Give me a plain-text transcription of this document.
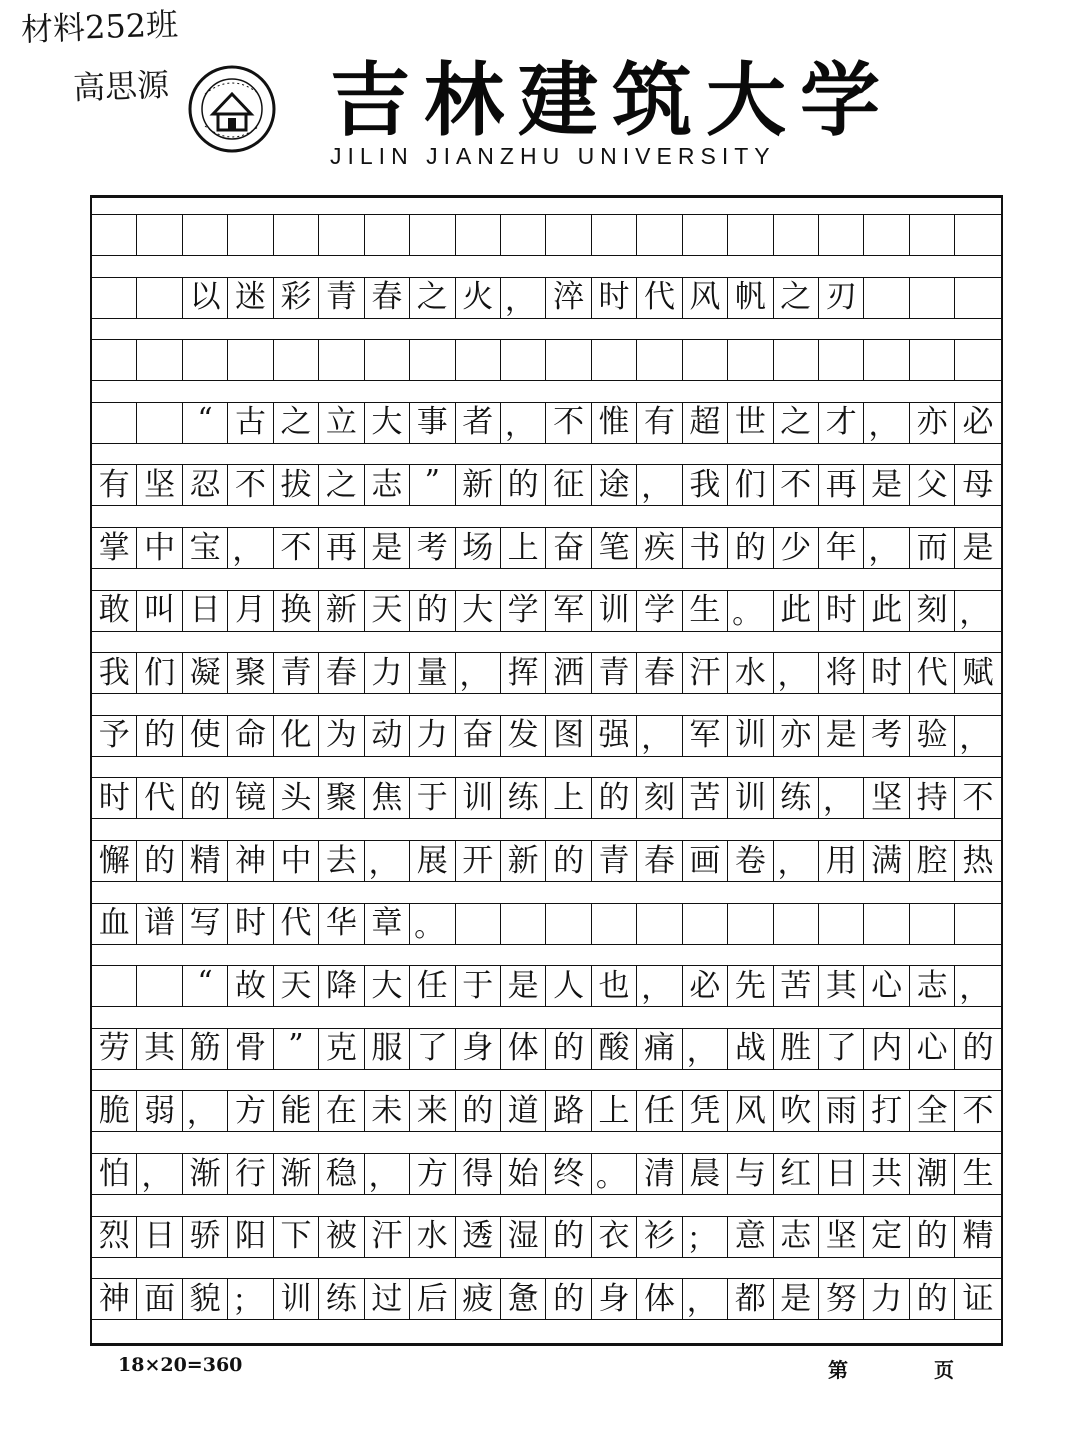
材料252班
高思源 吉林建筑大学
JILIN JIANZHU UNIVERSITY
以 迷 彩 青 春 之 火 ， 淬 时 代 风 帆 之 刃
“ 古 之 立 大 事 者 ， 不 惟 有 超 世 之 才 ， 亦 必
有 坚 忍 不 拔 之 志 ” 新 的 征 途 ， 我 们 不 再 是 父 母
掌 中 宝 ， 不 再 是 考 场 上 奋 笔 疾 书 的 少 年 ， 而 是
敢 叫 日 月 换 新 天 的 大 学 军 训 学 生 。 此 时 此 刻 ，
我 们 凝 聚 青 春 力 量 ， 挥 洒 青 春 汗 水 ， 将 时 代 赋
予 的 使 命 化 为 动 力 奋 发 图 强 ， 军 训 亦 是 考 验 ，
时 代 的 镜 头 聚 焦 于 训 练 上 的 刻 苦 训 练 ， 坚 持 不
懈 的 精 神 中 去 ， 展 开 新 的 青 春 画 卷 ， 用 满 腔 热
血 谱 写 时 代 华 章 。
“ 故 天 降 大 任 于 是 人 也 ， 必 先 苦 其 心 志 ，
劳 其 筋 骨 ” 克 服 了 身 体 的 酸 痛 ， 战 胜 了 内 心 的
脆 弱 ， 方 能 在 未 来 的 道 路 上 任 凭 风 吹 雨 打 全 不
怕 ， 渐 行 渐 稳 ， 方 得 始 终 。 清 晨 与 红 日 共 潮 生
烈 日 骄 阳 下 被 汗 水 透 湿 的 衣 衫 ； 意 志 坚 定 的 精
神 面 貌 ； 训 练 过 后 疲 惫 的 身 体 ， 都 是 努 力 的 证
18×20=360	第	页
